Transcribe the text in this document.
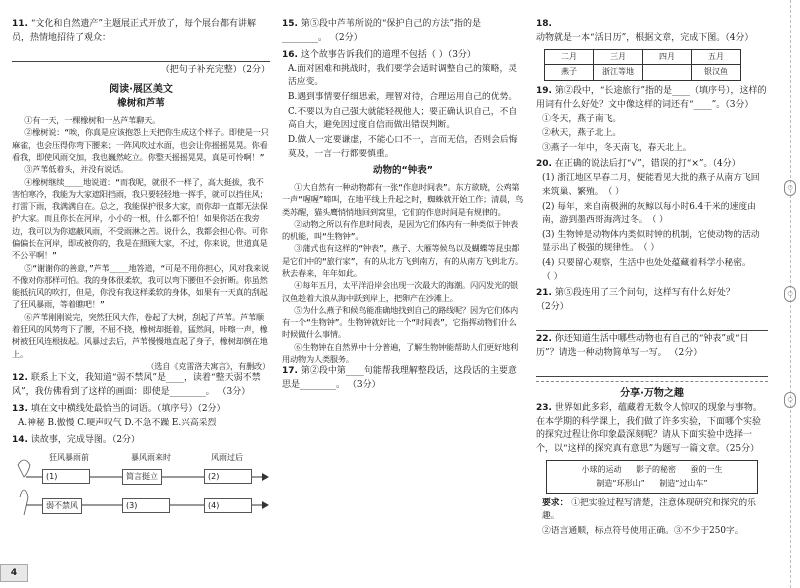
○
○
○
11. “文化和自然遗产”主题展正式开放了，每个展台都有讲解员，热情地招待了观众：
（把句子补充完整）（2分）
阅读·展区美文
橡树和芦苇

①有一天，一棵橡树和一丛芦苇聊天。

②橡树说：“唉，你真是应该抱怨上天把你生成这个样子。即使是一只麻雀，也会压得你弯下腰来；一阵风吹过水面，也会让你摇摇晃晃。你看看我，即使风雨交加，我也巍然屹立。你整天摇摇晃晃，真是可怜啊！”

③芦苇低着头，并没有说话。

④橡树继续____地说道：“而我呢，就很不一样了，高大挺拔，我不害怕寒冷，我能为大家遮阳挡雨，我只要轻轻地一挥手，就可以挡住风；打雷下雨，我满满自在。总之，我能保护很多大家，而你却一直都无法保护大家。而且你长在河岸，小小的一根，什么都不怕！如果你活在我旁边，我可以为你遮蔽风雨，不受雨淋之苦。说什么，我都会担心你。可你偏偏长在河岸，即或被你的，我是在照顾大家，不过，你来说，世道真是不公平啊！”

⑤“谢谢你的善意，”芦苇____地答道，“可是不用你担心，风对我来说不像对你那样可怕。我的身体很柔软，我可以弯下腰但不会折断。你虽然能抵抗风的吹打，但是，你没有我这样柔软的身体，如果有一天真的刮起了狂风暴雨，等着瞧吧！”

⑥芦苇刚刚说完，突然狂风大作，卷起了大树，刮起了芦苇。芦苇顺着狂风的风势弯下了腰，不屈不挠，橡树却挺着，猛然间，咔嚓一声，橡树被狂风连根拔起。风暴过去后，芦苇慢慢地直起了身子，橡树却倒在地上。

（选自《克雷洛夫寓言》，有删改）

12. 联系上下文，我知道“弱不禁风”是____，读着“整天弱不禁风”，我仿佛看到了这样的画面：即使是________。 （3分）
13. 填在文中横线处最恰当的词语。（填序号）（2分）
A.神秘 B.傲慢 C.哽声叹气 D.不急不躁 E.兴高采烈
14. 读故事，完成导图。（2分）
狂风暴雨前	暴风雨来时	风雨过后
(1)	简言挺立	(2)
弱不禁风	(3)	(4)
15. 第⑤段中芦苇所说的“保护自己的方法”指的是________。 （2分）
16. 这个故事告诉我们的道理不包括（ ）（3分）
A.面对困难和挑战时，我们要学会适时调整自己的策略，灵活应变。
B.遇到事情要仔细思索，理智对待，合理运用自己的优势。
C.不要以为自己强大就能轻视他人；要正确认识自己，不自高自大，避免因过度自信而做出错误判断。
D.做人一定要谦虚，不能心口不一，言而无信，否则会后悔莫及，一言一行都要慎重。
动物的“钟表”

①大自然有一种动物都有一张“作息时间表”。东方欲晓，公鸡第一声“喔喔”啼叫，在地平线上升起之时，蜘蛛就开始工作；清晨，鸟类苏醒，猫头鹰悄悄地回到窝里，它们的作息时间是有规律的。

②动物之所以有作息时间表，是因为它们体内有一种类似于钟表的机能，叫“生物钟”。

③蒲式也有这样的“钟表”，燕子、大雁等候鸟以及蝴蝶等昆虫都是它们中的“旅行家”，有的从北方飞到南方，有的从南方飞到北方。秋去春来，年年如此。

④每年五月，太平洋沿岸会出现一次最大的海潮。闪闪发光的银汉鱼趁着大浪从海中跃到岸上，把卵产在沙滩上。

⑤为什么燕子和候鸟能准确地找到自己的路线呢？因为它们体内有一个“生物钟”。生物钟就好比一个“时间表”，它指挥动物们什么时候做什么事情。

⑥生物钟在自然界中十分普遍，了解生物钟能帮助人们更好地利用动物为人类服务。

17. 第②段中第____句能帮我理解整段话，这段话的主要意思是________。 （3分）
18. 动物就是一本“活日历”，根据文章，完成下图。（4分）
二月	三月	四月	五月
燕子	浙江等地		银汉鱼
19. 第②段中，“长途旅行”指的是____（填序号），这样的用词有什么好处？文中像这样的词还有“____”。（3分）
①冬天，燕子南飞。
②秋天，燕子北上。
③燕子一年中，冬天南飞，春天北上。
20. 在正确的说法后打“√”，错误的打“×”。（4分）
(1) 浙江地区早春二月，便能看见大批的燕子从南方飞回来筑巢、繁殖。（ ）
(2) 每年，来自南极洲的灰鲸以每小时6.4千米的速度由南，游到墨西哥海湾过冬。（ ）
(3) 生物钟是动物体内类似时钟的机制，它使动物的活动显示出了极强的规律性。（ ）
(4) 只要留心观察，生活中也处处蕴藏着科学小秘密。（ ）
21. 第⑤段连用了三个问句，这样写有什么好处？ （2分）
22. 你还知道生活中哪些动物也有自己的“钟表”或“日历”？请选一种动物简单写一写。 （2分）
分享·万物之趣
23. 世界如此多彩，蕴藏着无数令人惊叹的现象与事物。在本学期的科学课上，我们做了许多实验，下面哪个实验的探究过程让你印象最深刻呢？请从下面实验中选择一个，以“这样的探究真有意思”为题写一篇文章。（25分）
小球的运动 影子的秘密 蚕的一生
制造“环形山” 制造“过山车”
要求： ①把实验过程写清楚，注意体现研究和探究的乐趣。
②语言通顺，标点符号使用正确。③不少于250字。
4
